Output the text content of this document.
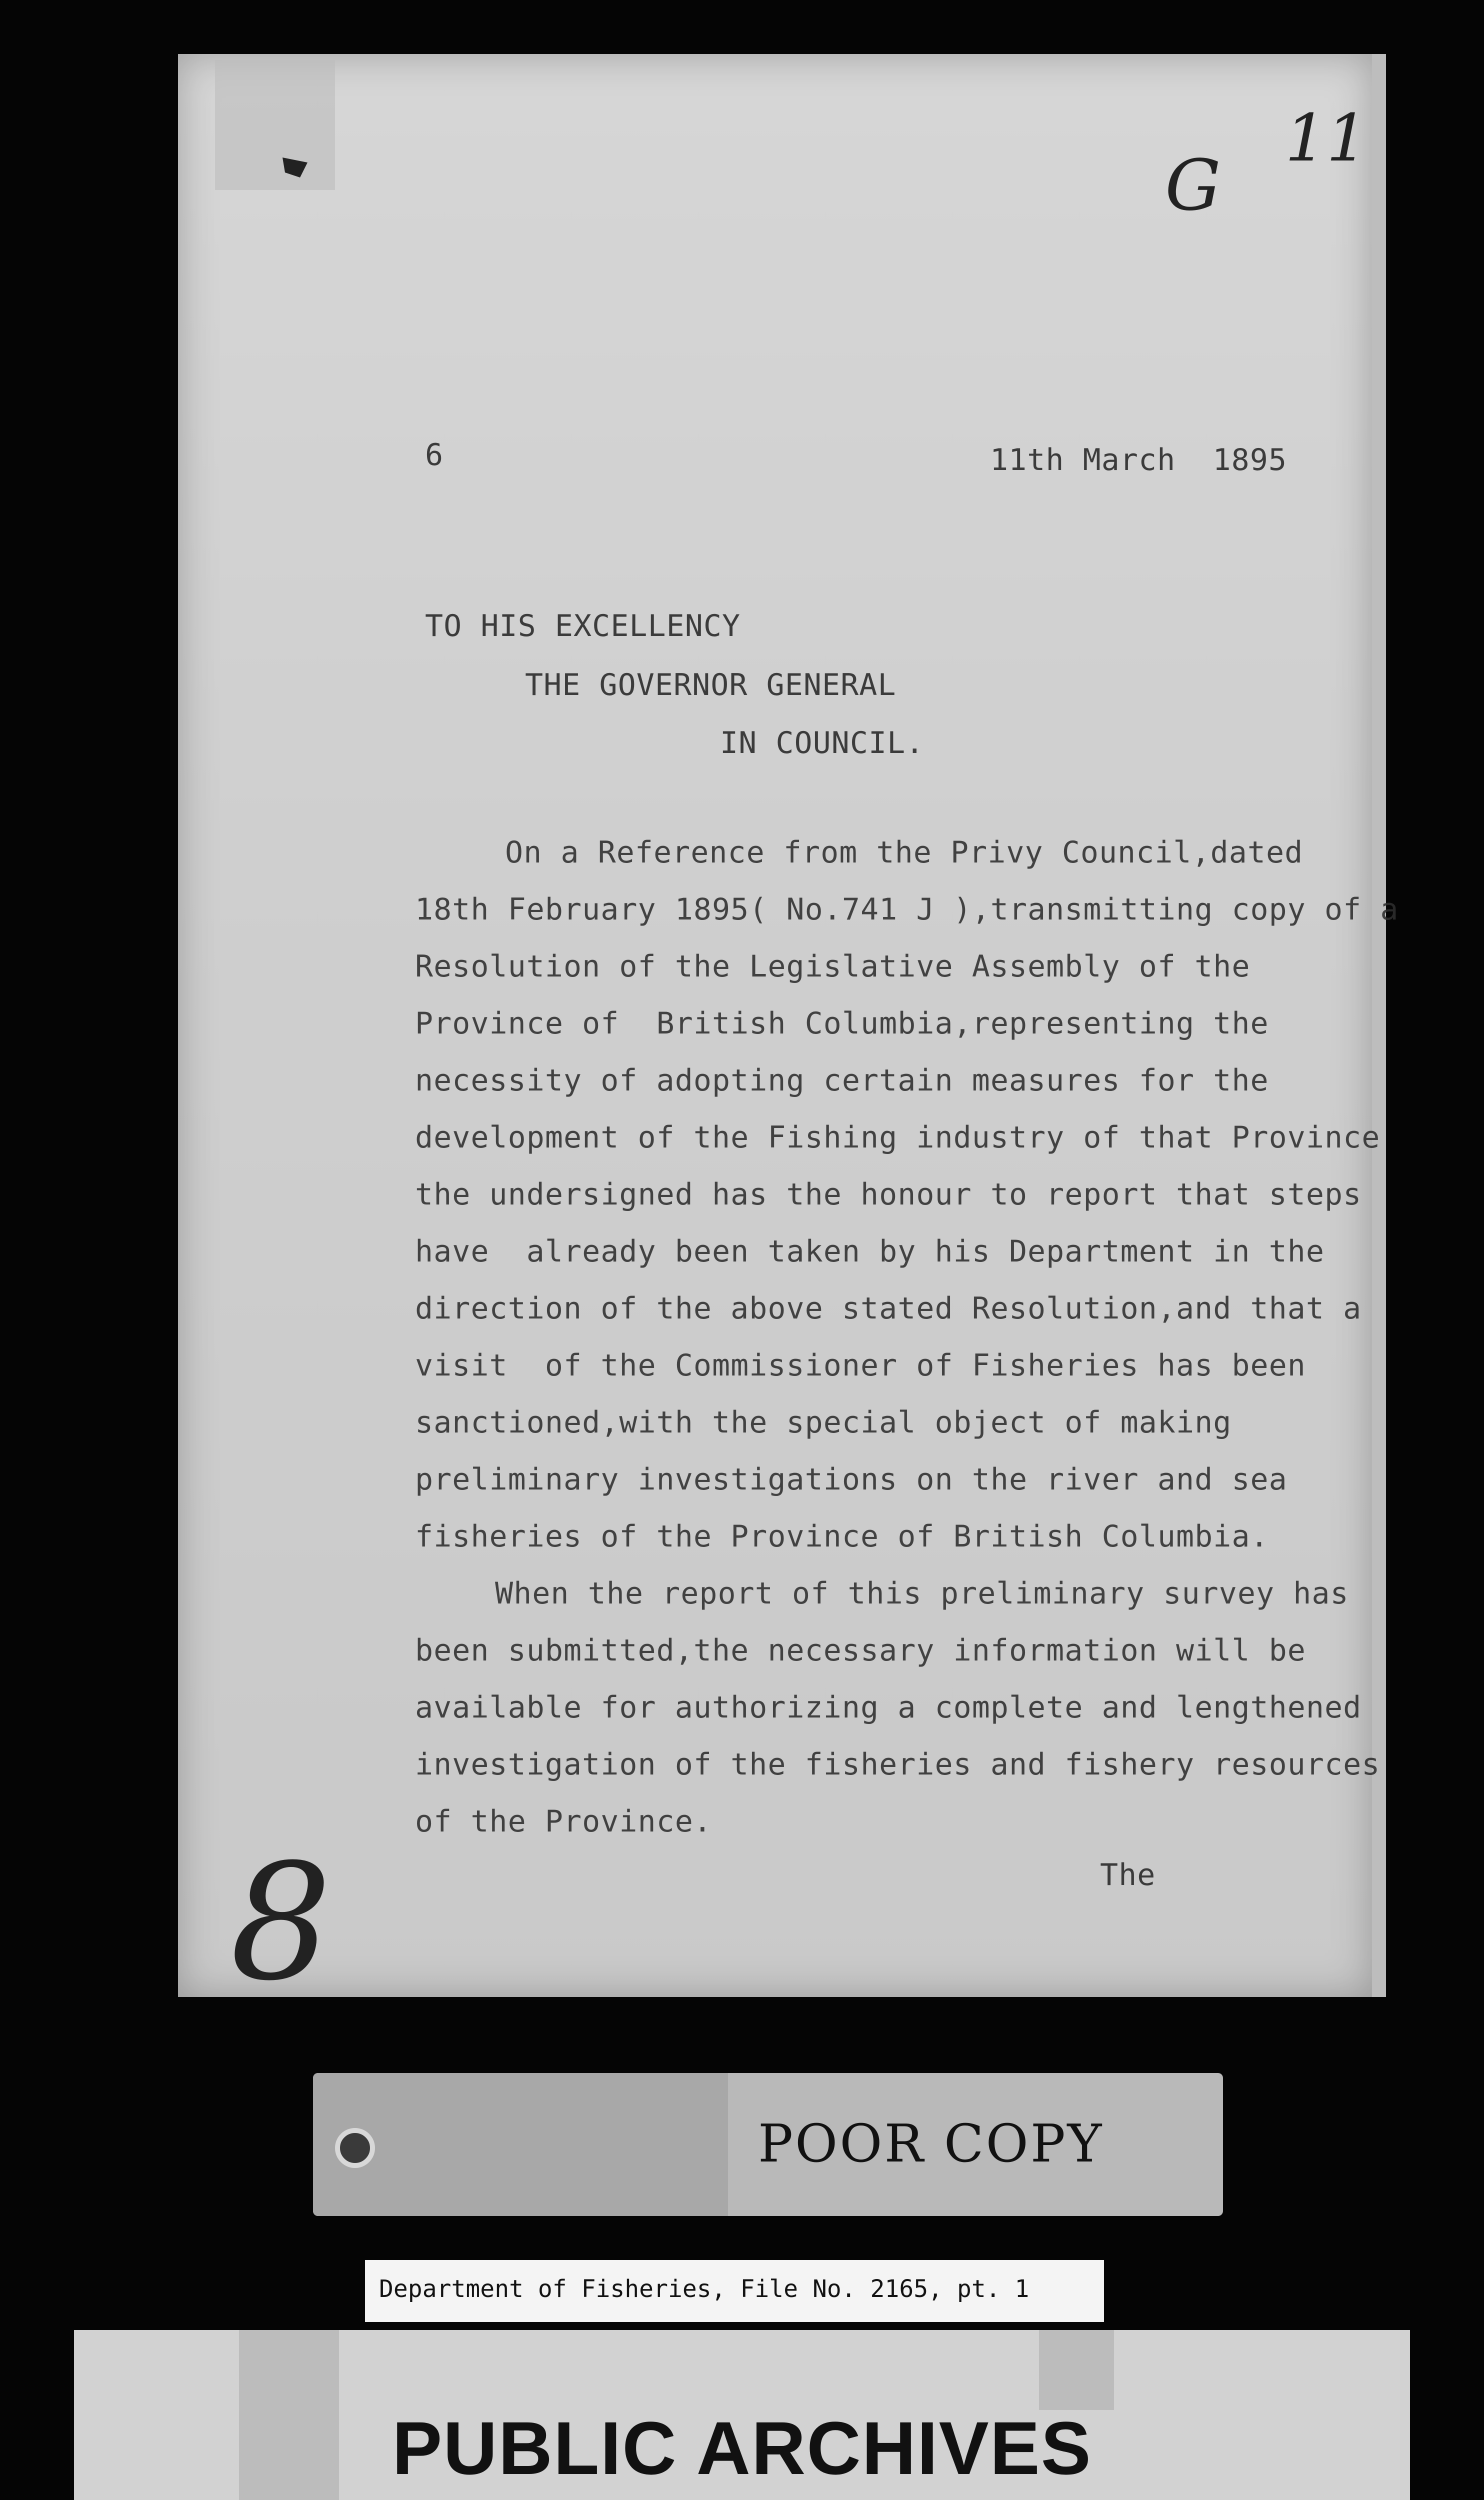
G
11
8
6	11th March  1895
TO HIS EXCELLENCY
THE GOVERNOR GENERAL
IN COUNCIL.
On a Reference from the Privy Council,dated
18th February 1895( No.741 J ),transmitting copy of a
Resolution of the Legislative Assembly of the
Province of  British Columbia,representing the
necessity of adopting certain measures for the
development of the Fishing industry of that Province
the undersigned has the honour to report that steps
have  already been taken by his Department in the
direction of the above stated Resolution,and that a
visit  of the Commissioner of Fisheries has been
sanctioned,with the special object of making
preliminary investigations on the river and sea
fisheries of the Province of British Columbia.
When the report of this preliminary survey has
been submitted,the necessary information will be
available for authorizing a complete and lengthened
investigation of the fisheries and fishery resources
of the Province.
The
POOR COPY
Department of Fisheries, File No. 2165, pt. 1
PUBLIC ARCHIVES
